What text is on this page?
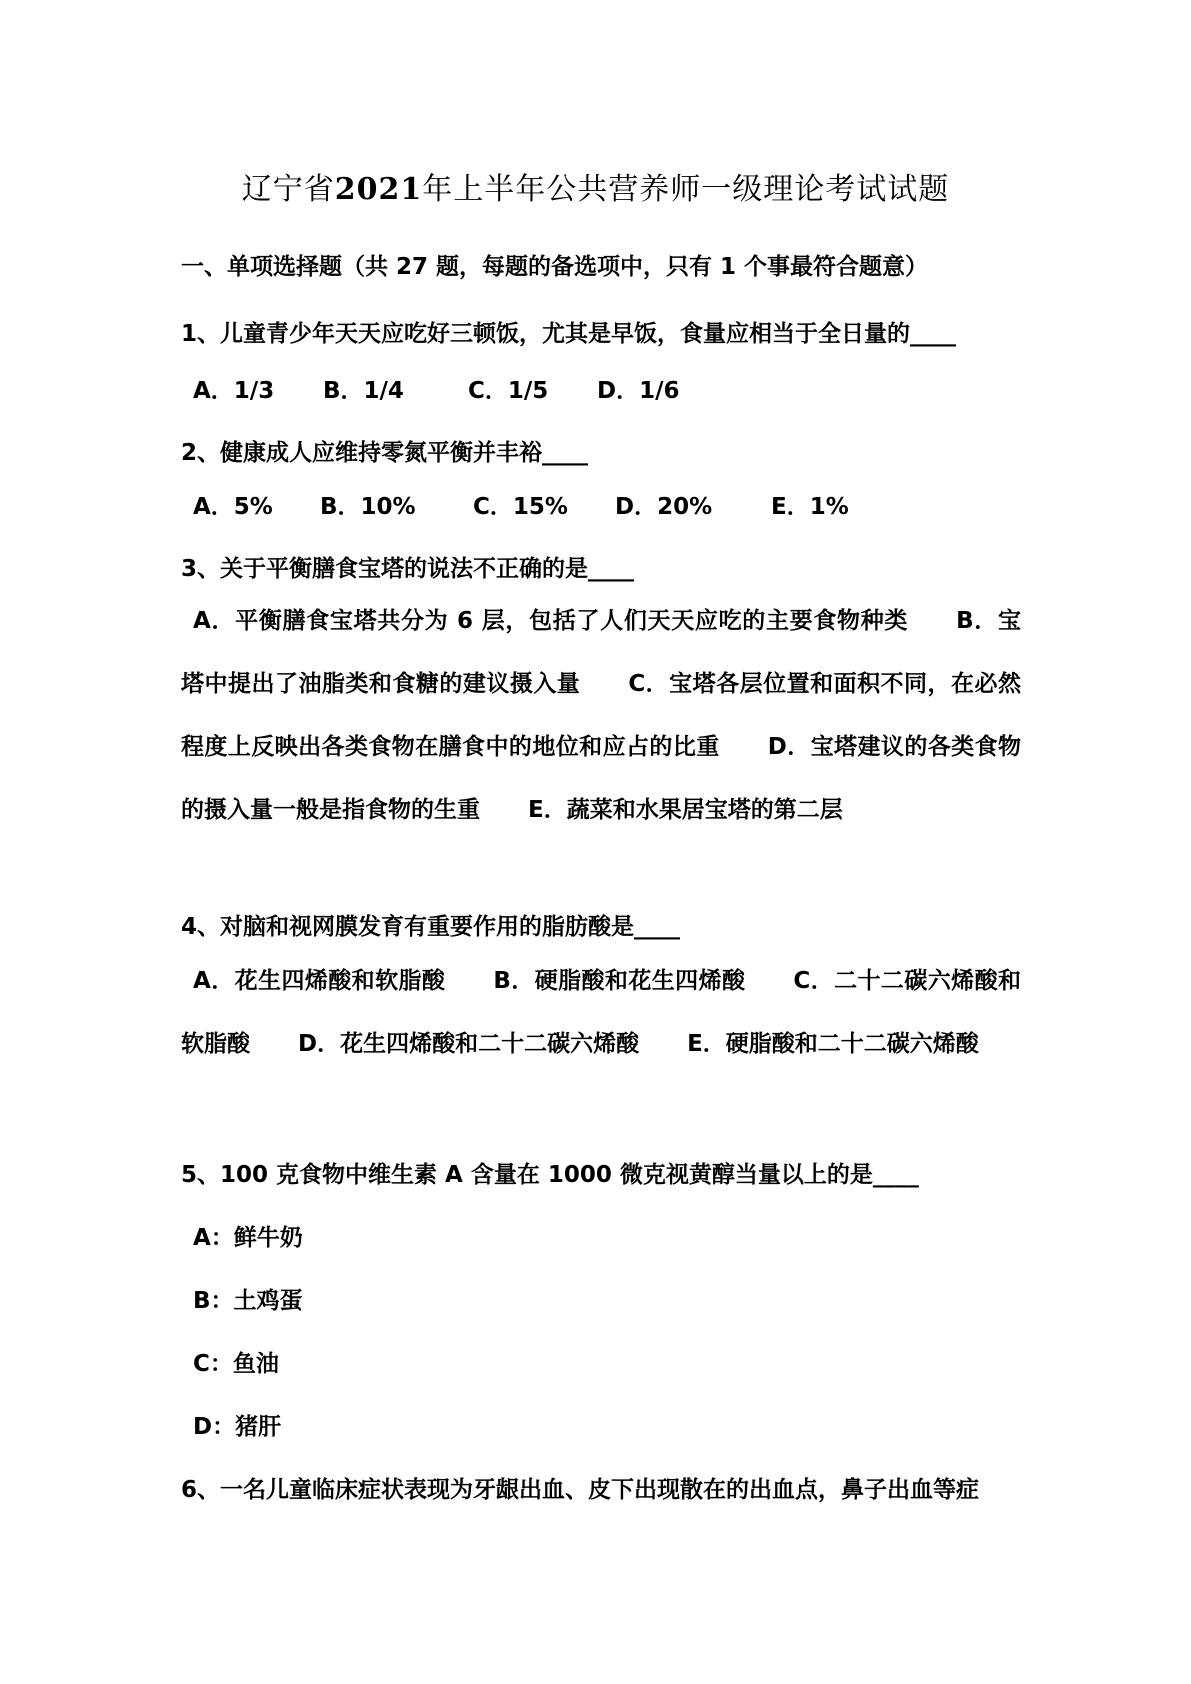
辽宁省2021年上半年公共营养师一级理论考试试题
一、单项选择题（共 27 题，每题的备选项中，只有 1 个事最符合题意）
1、儿童青少年天天应吃好三顿饭，尤其是早饭，食量应相当于全日量的____
A．1/3 B．1/4	C．1/5 D．1/6
2、健康成人应维持零氮平衡并丰裕____
A．5% B．10% C．15% D．20%	E．1%
3、关于平衡膳食宝塔的说法不正确的是____
A．平衡膳食宝塔共分为 6 层，包括了人们天天应吃的主要食物种类 B．宝塔中提出了油脂类和食糖的建议摄入量 C．宝塔各层位置和面积不同，在必然程度上反映出各类食物在膳食中的地位和应占的比重 D．宝塔建议的各类食物的摄入量一般是指食物的生重 E．蔬菜和水果居宝塔的第二层
4、对脑和视网膜发育有重要作用的脂肪酸是____
A．花生四烯酸和软脂酸 B．硬脂酸和花生四烯酸 C．二十二碳六烯酸和软脂酸 D．花生四烯酸和二十二碳六烯酸 E．硬脂酸和二十二碳六烯酸
5、100 克食物中维生素 A 含量在 1000 微克视黄醇当量以上的是____
A：鲜牛奶
B：土鸡蛋
C：鱼油
D：猪肝
6、一名儿童临床症状表现为牙龈出血、皮下出现散在的出血点，鼻子出血等症
